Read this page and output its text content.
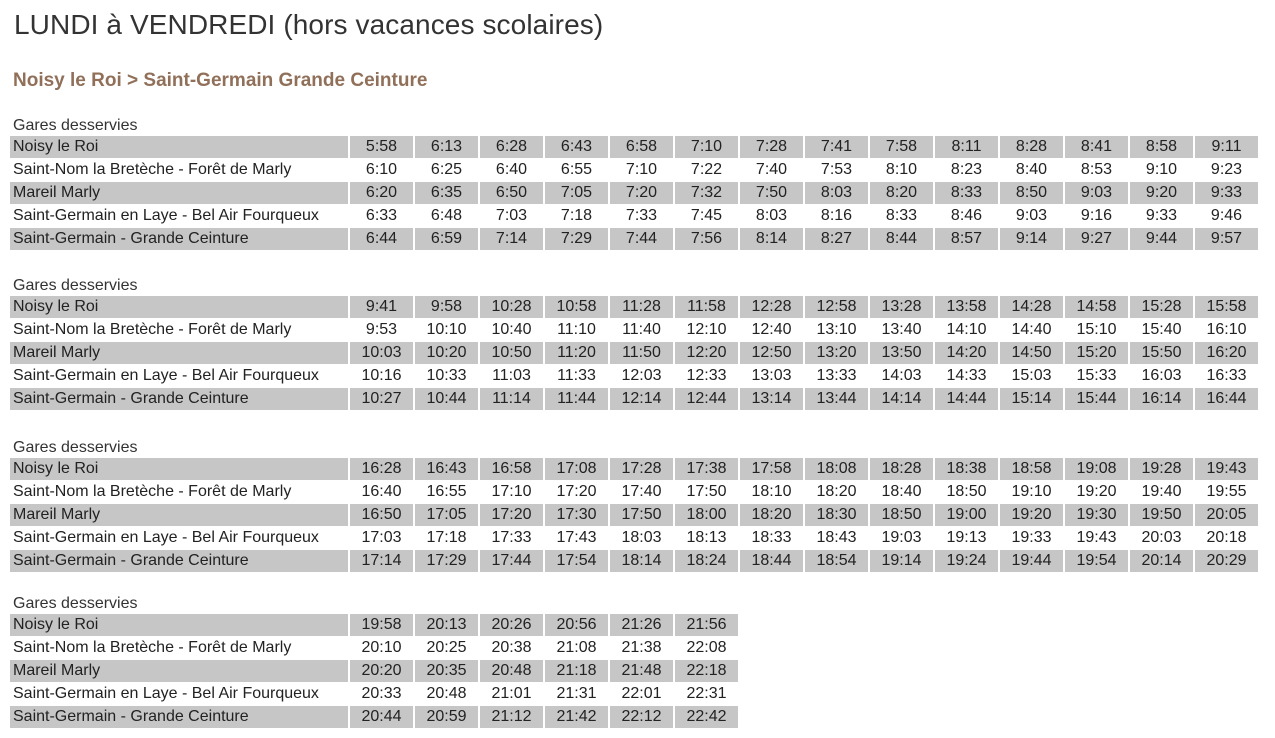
LUNDI à VENDREDI (hors vacances scolaires)
Noisy le Roi > Saint-Germain Grande Ceinture
Gares desservies
Noisy le Roi	5:58	6:13	6:28	6:43	6:58	7:10	7:28	7:41	7:58	8:11	8:28	8:41	8:58	9:11
Saint-Nom la Bretèche - Forêt de Marly	6:10	6:25	6:40	6:55	7:10	7:22	7:40	7:53	8:10	8:23	8:40	8:53	9:10	9:23
Mareil Marly	6:20	6:35	6:50	7:05	7:20	7:32	7:50	8:03	8:20	8:33	8:50	9:03	9:20	9:33
Saint-Germain en Laye - Bel Air Fourqueux	6:33	6:48	7:03	7:18	7:33	7:45	8:03	8:16	8:33	8:46	9:03	9:16	9:33	9:46
Saint-Germain - Grande Ceinture	6:44	6:59	7:14	7:29	7:44	7:56	8:14	8:27	8:44	8:57	9:14	9:27	9:44	9:57
Gares desservies
Noisy le Roi	9:41	9:58	10:28	10:58	11:28	11:58	12:28	12:58	13:28	13:58	14:28	14:58	15:28	15:58
Saint-Nom la Bretèche - Forêt de Marly	9:53	10:10	10:40	11:10	11:40	12:10	12:40	13:10	13:40	14:10	14:40	15:10	15:40	16:10
Mareil Marly	10:03	10:20	10:50	11:20	11:50	12:20	12:50	13:20	13:50	14:20	14:50	15:20	15:50	16:20
Saint-Germain en Laye - Bel Air Fourqueux	10:16	10:33	11:03	11:33	12:03	12:33	13:03	13:33	14:03	14:33	15:03	15:33	16:03	16:33
Saint-Germain - Grande Ceinture	10:27	10:44	11:14	11:44	12:14	12:44	13:14	13:44	14:14	14:44	15:14	15:44	16:14	16:44
Gares desservies
Noisy le Roi	16:28	16:43	16:58	17:08	17:28	17:38	17:58	18:08	18:28	18:38	18:58	19:08	19:28	19:43
Saint-Nom la Bretèche - Forêt de Marly	16:40	16:55	17:10	17:20	17:40	17:50	18:10	18:20	18:40	18:50	19:10	19:20	19:40	19:55
Mareil Marly	16:50	17:05	17:20	17:30	17:50	18:00	18:20	18:30	18:50	19:00	19:20	19:30	19:50	20:05
Saint-Germain en Laye - Bel Air Fourqueux	17:03	17:18	17:33	17:43	18:03	18:13	18:33	18:43	19:03	19:13	19:33	19:43	20:03	20:18
Saint-Germain - Grande Ceinture	17:14	17:29	17:44	17:54	18:14	18:24	18:44	18:54	19:14	19:24	19:44	19:54	20:14	20:29
Gares desservies
Noisy le Roi	19:58	20:13	20:26	20:56	21:26	21:56
Saint-Nom la Bretèche - Forêt de Marly	20:10	20:25	20:38	21:08	21:38	22:08
Mareil Marly	20:20	20:35	20:48	21:18	21:48	22:18
Saint-Germain en Laye - Bel Air Fourqueux	20:33	20:48	21:01	21:31	22:01	22:31
Saint-Germain - Grande Ceinture	20:44	20:59	21:12	21:42	22:12	22:42
